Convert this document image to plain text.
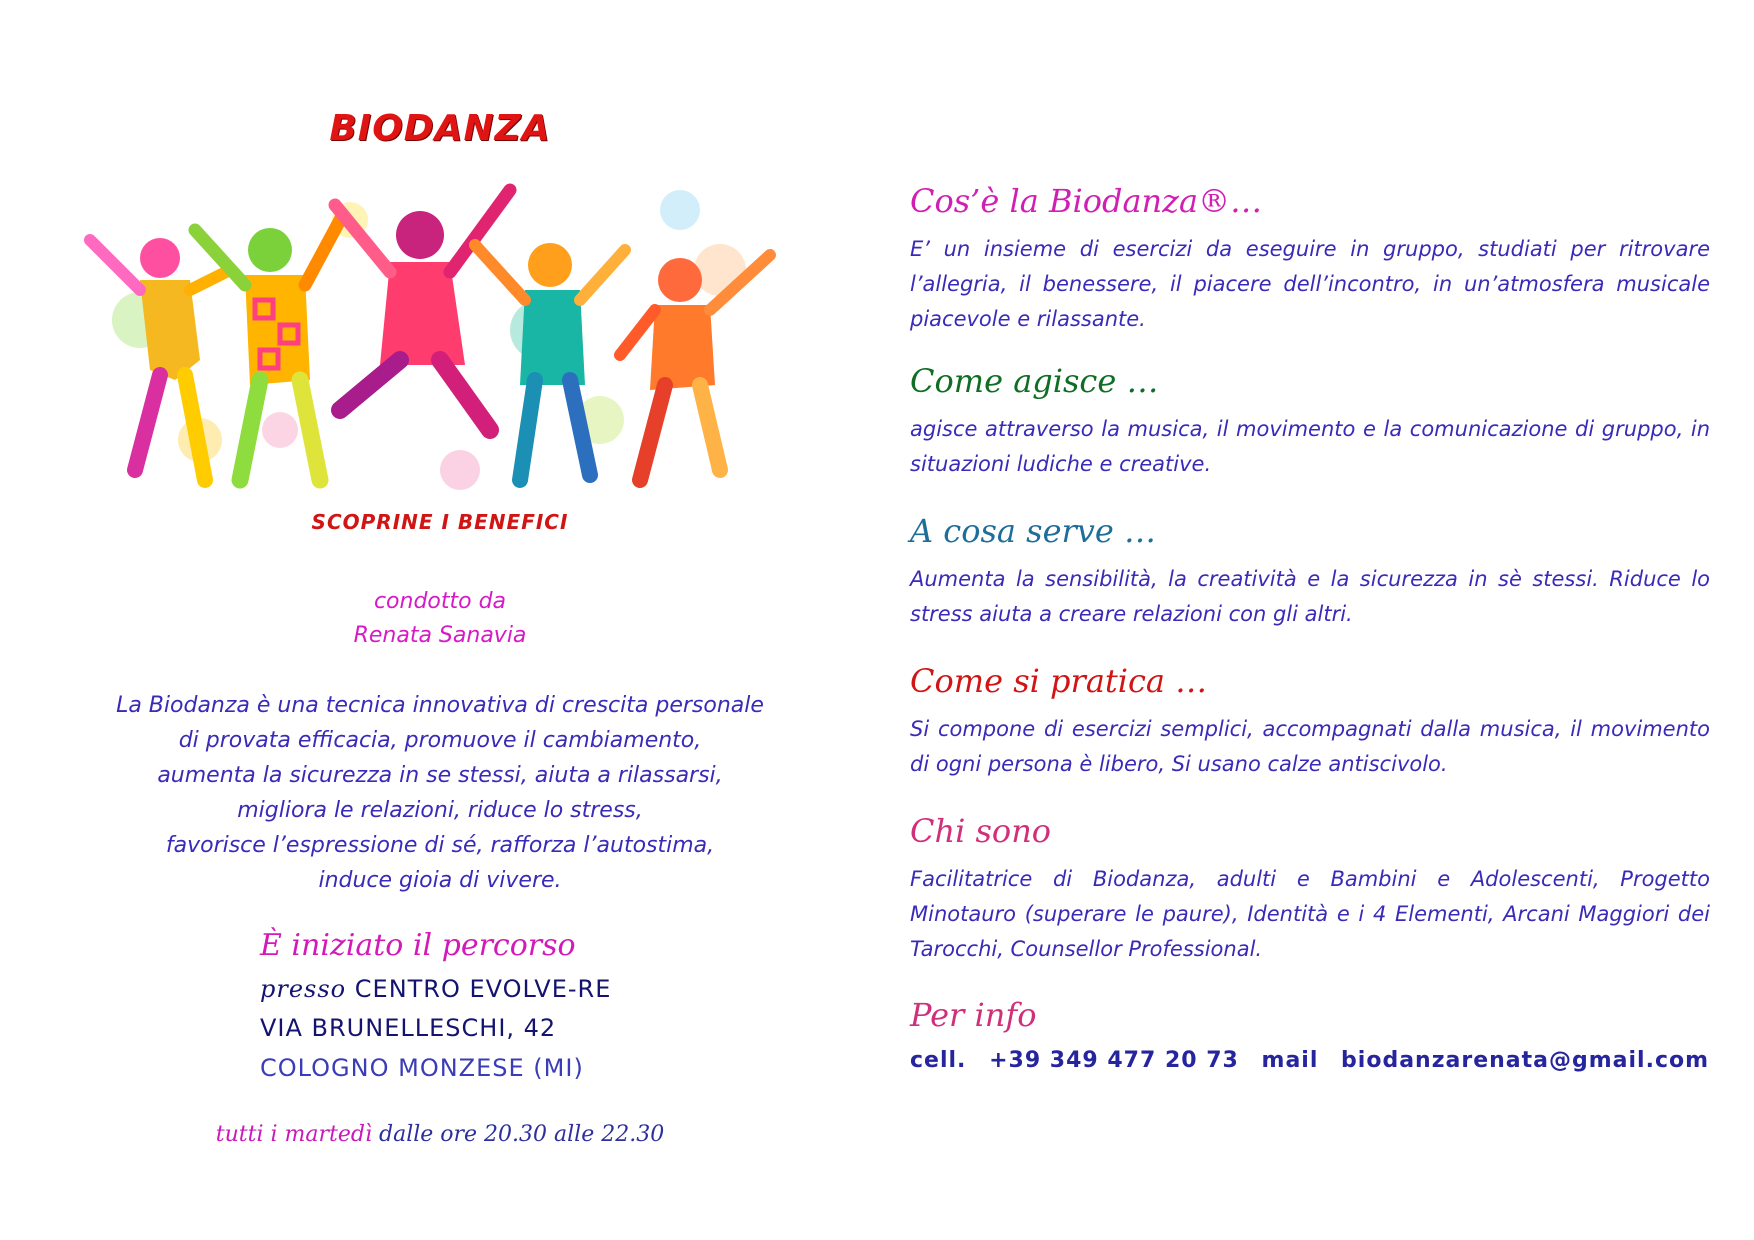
BIODANZA
SCOPRINE I BENEFICI
condotto da
Renata Sanavia
La Biodanza è una tecnica innovativa di crescita personale
di provata efficacia, promuove il cambiamento,
aumenta la sicurezza in se stessi, aiuta a rilassarsi,
migliora le relazioni, riduce lo stress,
favorisce l’espressione di sé, rafforza l’autostima,
induce gioia di vivere.
È iniziato il percorso
presso CENTRO EVOLVE-RE
VIA BRUNELLESCHI, 42
COLOGNO MONZESE (MI)
tutti i martedì dalle ore 20.30 alle 22.30
Cos’è la Biodanza®…
E’ un insieme di esercizi da eseguire in gruppo, studiati per ritrovare l’allegria, il benessere, il piacere dell’incontro, in un’atmosfera musicale piacevole e rilassante.
Come agisce …
agisce attraverso la musica, il movimento e la comunicazione di gruppo, in situazioni ludiche e creative.
A cosa serve …
Aumenta la sensibilità, la creatività e la sicurezza in sè stessi. Riduce lo stress aiuta a creare relazioni con gli altri.
Come si pratica …
Si compone di esercizi semplici, accompagnati dalla musica, il movimento di ogni persona è libero, Si usano calze antiscivolo.
Chi sono
Facilitatrice di Biodanza, adulti e Bambini e Adolescenti, Progetto Minotauro (superare le paure), Identità e i 4 Elementi, Arcani Maggiori dei Tarocchi, Counsellor Professional.
Per info
cell. +39 349 477 20 73 mail biodanzarenata@gmail.com
